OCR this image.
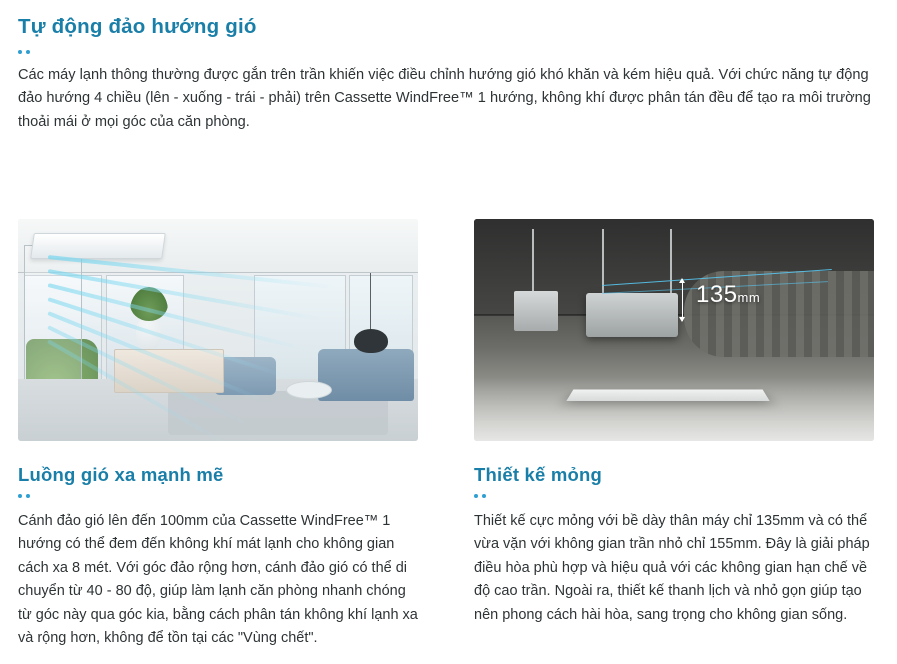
Tự động đảo hướng gió

Các máy lạnh thông thường được gắn trên trần khiến việc điều chỉnh hướng gió khó khăn và kém hiệu quả. Với chức năng tự động đảo hướng 4 chiều (lên - xuống - trái - phải) trên Cassette WindFree™ 1 hướng, không khí được phân tán đều để tạo ra môi trường thoải mái ở mọi góc của căn phòng.

135mm
Luồng gió xa mạnh mẽ

Cánh đảo gió lên đến 100mm của Cassette WindFree™ 1 hướng có thể đem đến không khí mát lạnh cho không gian cách xa 8 mét. Với góc đảo rộng hơn, cánh đảo gió có thể di chuyển từ 40 - 80 độ, giúp làm lạnh căn phòng nhanh chóng từ góc này qua góc kia, bằng cách phân tán không khí lạnh xa và rộng hơn, không để tồn tại các "Vùng chết".

Thiết kế mỏng

Thiết kế cực mỏng với bề dày thân máy chỉ 135mm và có thể vừa vặn với không gian trần nhỏ chỉ 155mm. Đây là giải pháp điều hòa phù hợp và hiệu quả với các không gian hạn chế về độ cao trần. Ngoài ra, thiết kế thanh lịch và nhỏ gọn giúp tạo nên phong cách hài hòa, sang trọng cho không gian sống.
